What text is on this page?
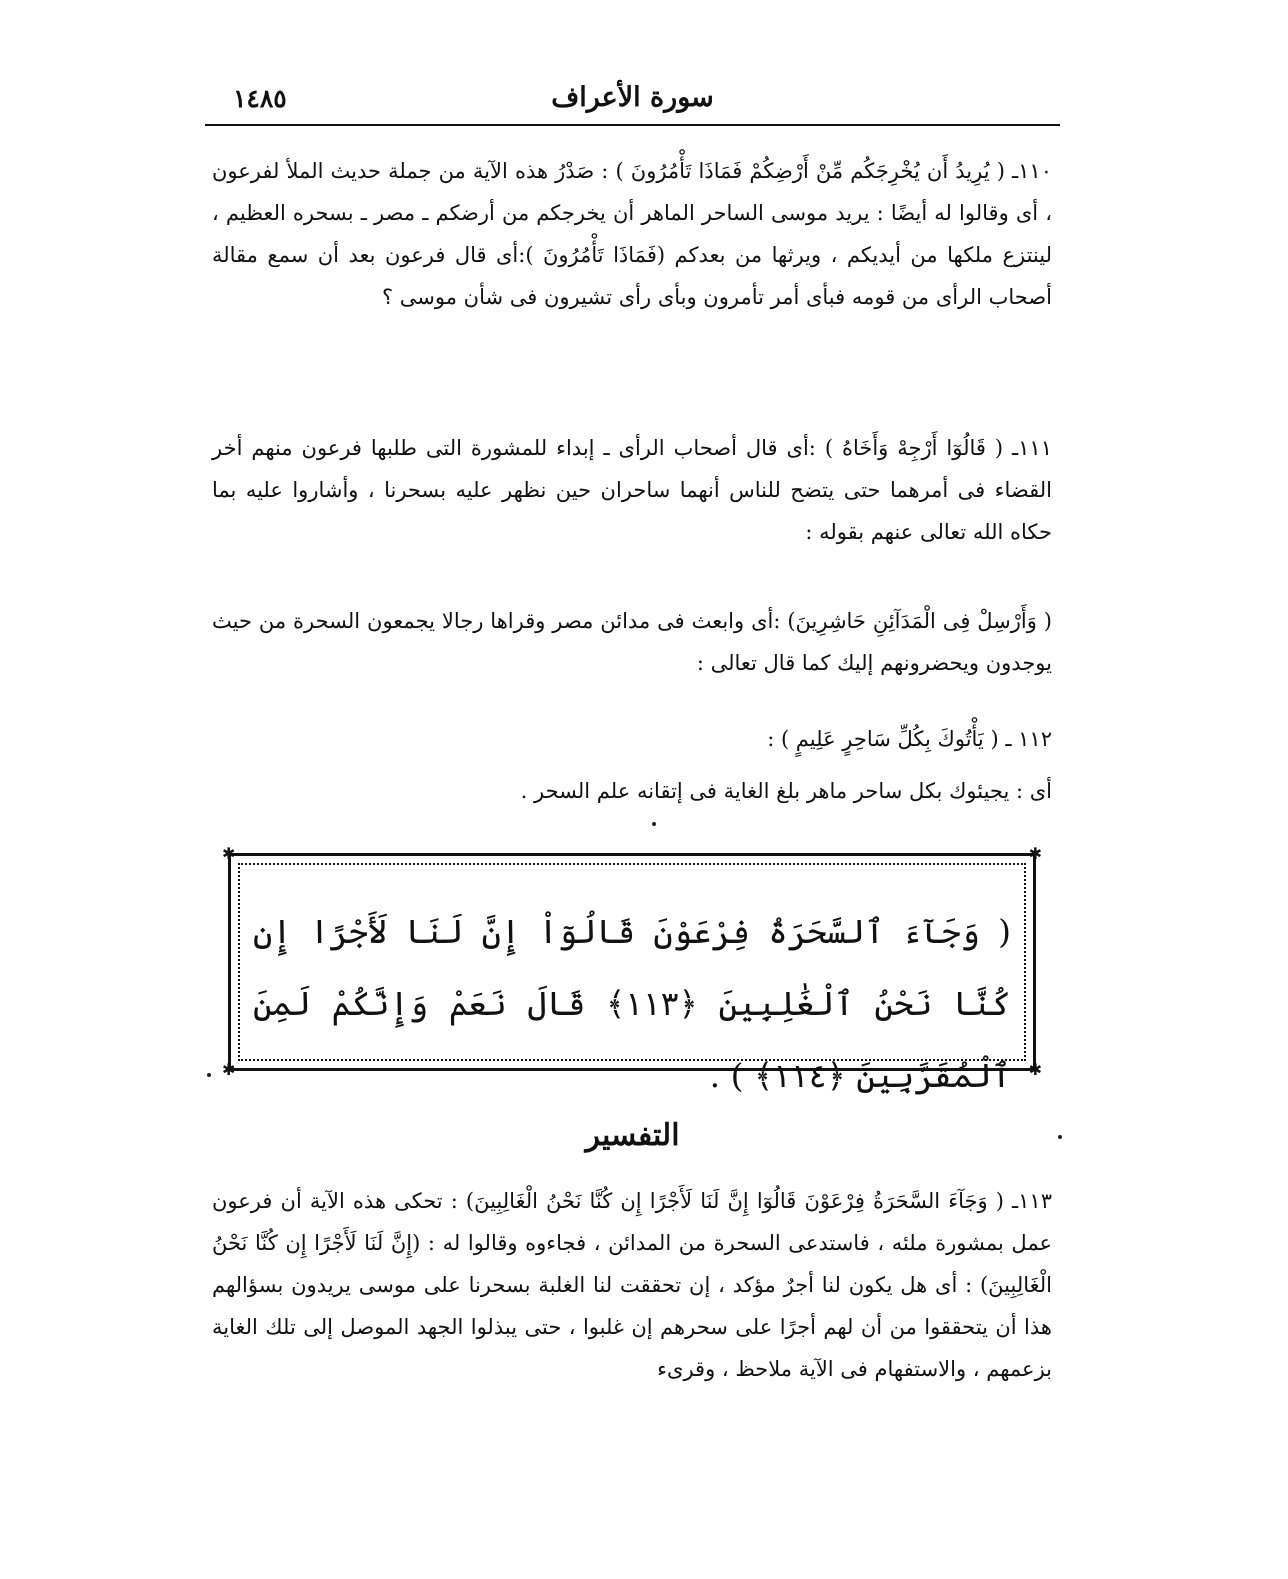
سورة الأعراف
١٤٨٥

١١٠ـ ( يُرِيدُ أَن يُخْرِجَكُم مِّنْ أَرْضِكُمْ فَمَاذَا تَأْمُرُونَ ) : صَدْرُ هذه الآية من جملة حديث الملأ لفرعون ، أى وقالوا له أيضًا : يريد موسى الساحر الماهر أن يخرجكم من أرضكم ـ مصر ـ بسحره العظيم ، لينتزع ملكها من أيديكم ، ويرثها من بعدكم (فَمَاذَا تَأْمُرُونَ ):أى قال فرعون بعد أن سمع مقالة أصحاب الرأى من قومه فبأى أمر تأمرون وبأى رأى تشيرون فى شأن موسى ؟

١١١ـ ( قَالُوٓا أَرْجِهْ وَأَخَاهُ ) :أى قال أصحاب الرأى ـ إبداء للمشورة التى طلبها فرعون منهم أخر القضاء فى أمرهما حتى يتضح للناس أنهما ساحران حين نظهر عليه بسحرنا ، وأشاروا عليه بما حكاه الله تعالى عنهم بقوله :

( وَأَرْسِلْ فِى الْمَدَآئِنِ حَاشِرِينَ) :أى وابعث فى مدائن مصر وقراها رجالا يجمعون السحرة من حيث يوجدون ويحضرونهم إليك كما قال تعالى :

١١٢ ـ ( يَأْتُوكَ بِكُلِّ سَاحِرٍ عَلِيمٍ ) :

أى : يجيئوك بكل ساحر ماهر بلغ الغاية فى إتقانه علم السحر .

✱	✱
✱	✱
( وَجَآءَ ٱلسَّحَرَةُ فِرْعَوْنَ قَالُوٓاْ إِنَّ لَنَا لَأَجْرًا إِن كُنَّا نَحْنُ ٱلْغَٰلِبِينَ ﴿١١٣﴾ قَالَ نَعَمْ وَإِنَّكُمْ لَمِنَ ٱلْمُقَرَّبِينَ ﴿١١٤﴾ ) .
التفسير

١١٣ـ ( وَجَآءَ السَّحَرَةُ فِرْعَوْنَ قَالُوٓا إِنَّ لَنَا لَأَجْرًا إِن كُنَّا نَحْنُ الْغَالِبِينَ) : تحكى هذه الآية أن فرعون عمل بمشورة ملئه ، فاستدعى السحرة من المدائن ، فجاءوه وقالوا له : (إِنَّ لَنَا لَأَجْرًا إِن كُنَّا نَحْنُ الْغَالِبِينَ) : أى هل يكون لنا أجرٌ مؤكد ، إن تحققت لنا الغلبة بسحرنا على موسى يريدون بسؤالهم هذا أن يتحققوا من أن لهم أجرًا على سحرهم إن غلبوا ، حتى يبذلوا الجهد الموصل إلى تلك الغاية بزعمهم ، والاستفهام فى الآية ملاحظ ، وقرىء
